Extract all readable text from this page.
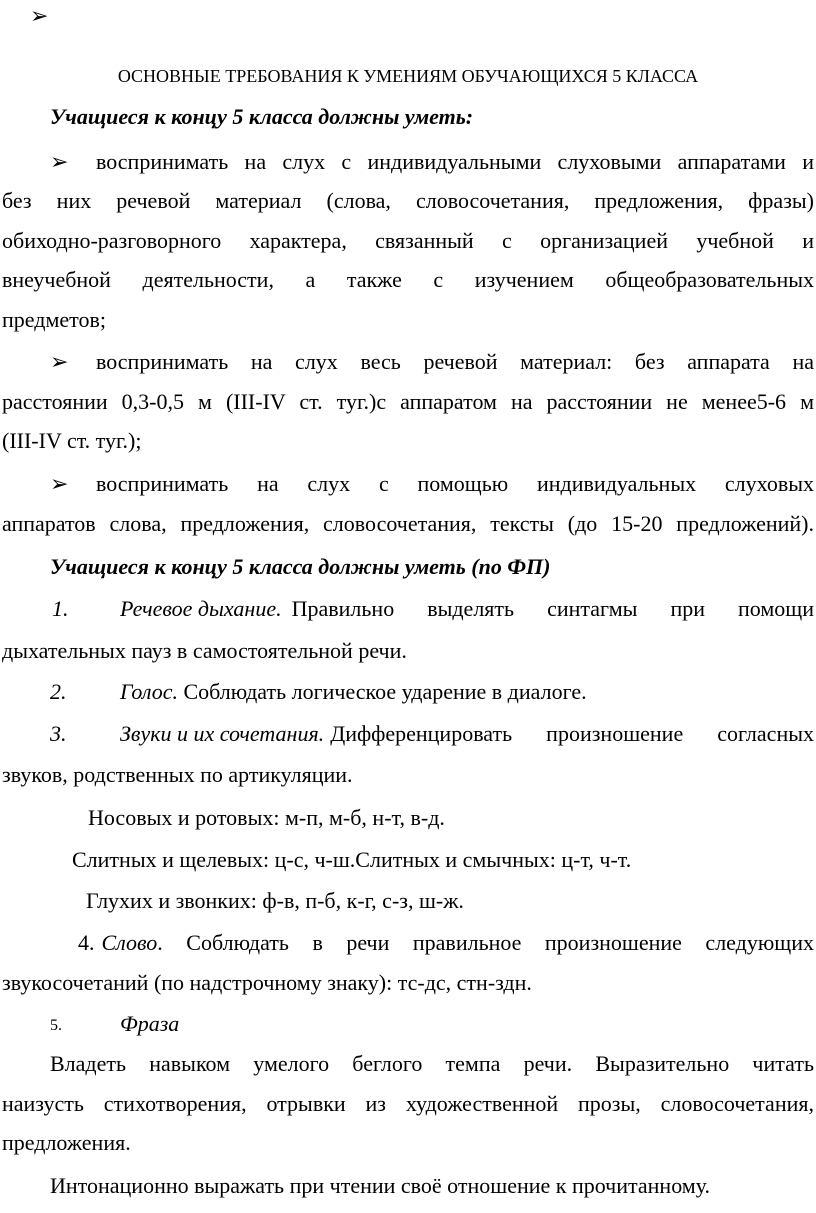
➢
ОСНОВНЫЕ ТРЕБОВАНИЯ К УМЕНИЯМ ОБУЧАЮЩИХСЯ 5 КЛАССА
Учащиеся к концу 5 класса должны уметь:
➢ воспринимать на слух с индивидуальными слуховыми аппаратами и
без них речевой материал (слова, словосочетания, предложения, фразы)
обиходно-разговорного характера, связанный с организацией учебной и
внеучебной деятельности, а также с изучением общеобразовательных
предметов;
➢ воспринимать на слух весь речевой материал: без аппарата на
расстоянии 0,3-0,5 м (III-IV ст. туг.)с аппаратом на расстоянии не менее5-6 м
(III-IV ст. туг.);
➢ воспринимать на слух с помощью индивидуальных слуховых
аппаратов слова, предложения, словосочетания, тексты (до 15-20 предложений).
Учащиеся к концу 5 класса должны уметь (по ФП)
1. Речевое дыхание. Правильно выделять синтагмы при помощи
дыхательных пауз в самостоятельной речи.
2. Голос. Соблюдать логическое ударение в диалоге.
3. Звуки и их сочетания. Дифференцировать произношение согласных
звуков, родственных по артикуляции.
Носовых и ротовых: м-п, м-б, н-т, в-д.
Слитных и щелевых: ц-с, ч-ш.Слитных и смычных: ц-т, ч-т.
Глухих и звонких: ф-в, п-б, к-г, с-з, ш-ж.
4. Слово . Соблюдать в речи правильное произношение следующих
звукосочетаний (по надстрочному знаку): тс-дс, стн-здн.
5.	Фраза
Владеть навыком умелого беглого темпа речи. Выразительно читать
наизусть стихотворения, отрывки из художественной прозы, словосочетания,
предложения.
Интонационно выражать при чтении своё отношение к прочитанному.
